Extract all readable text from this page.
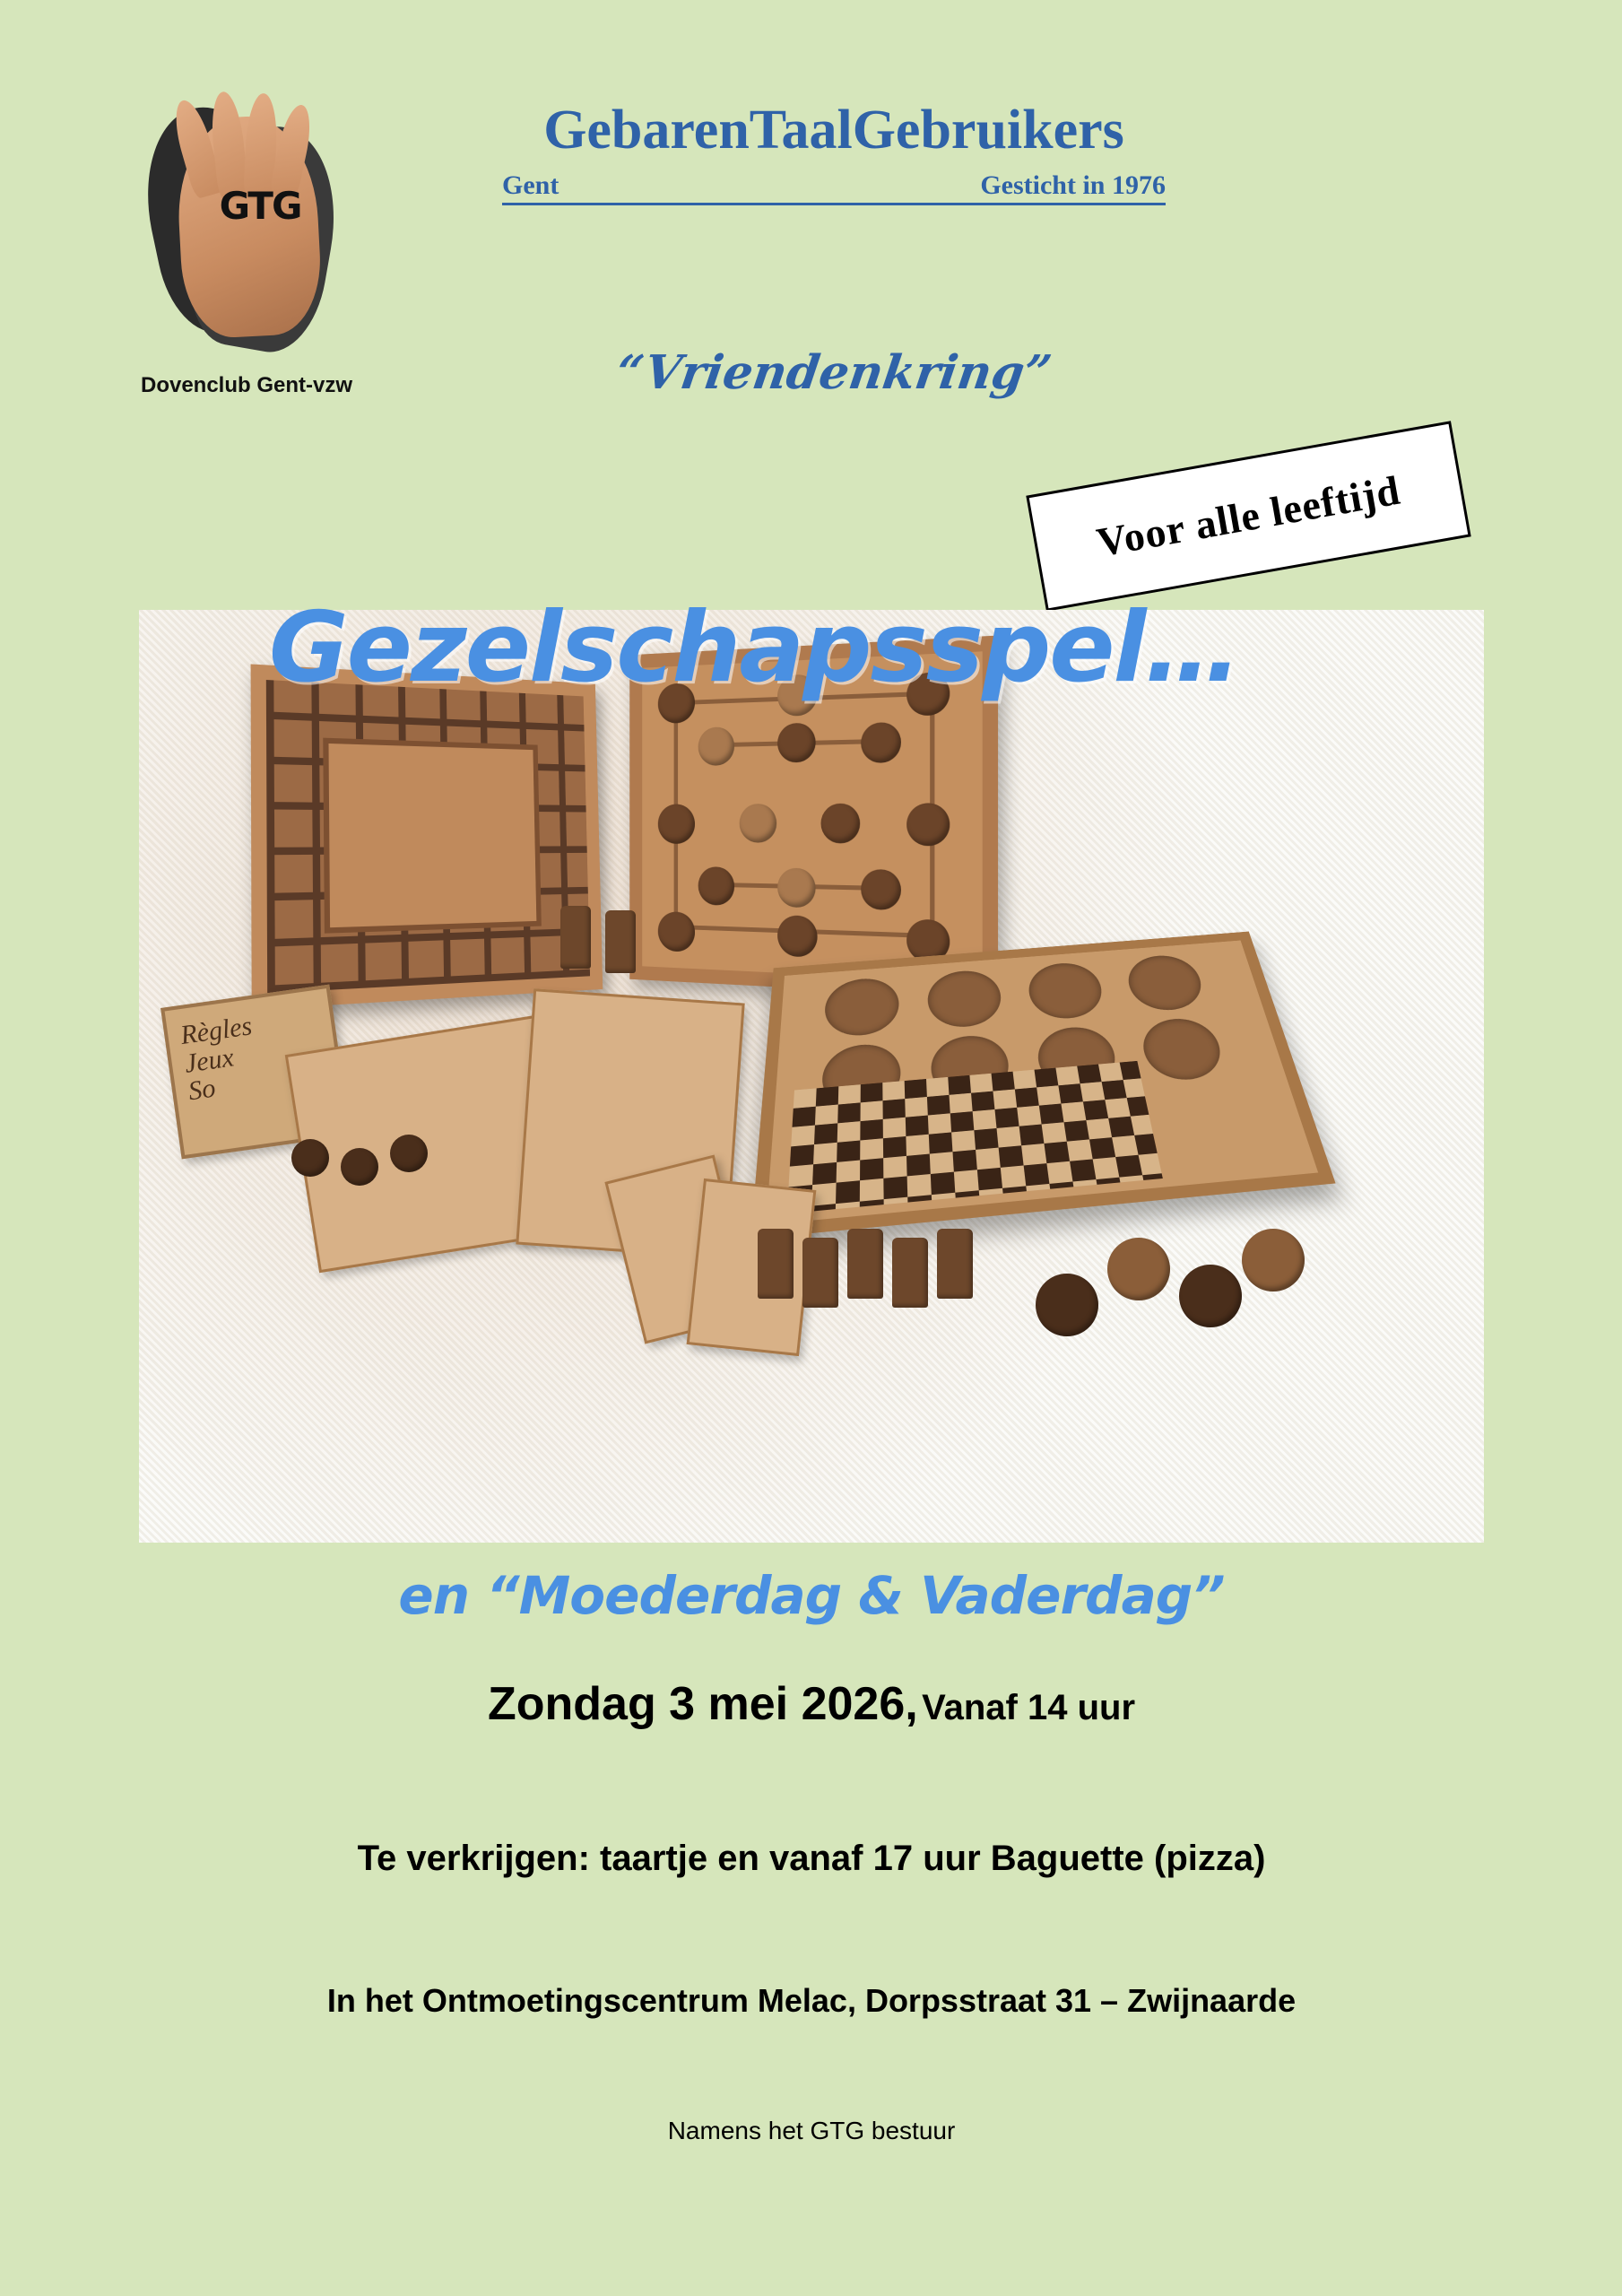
GTG
Dovenclub Gent-vzw
GebarenTaalGebruikers
Gent	Gesticht in 1976
“Vriendenkring”
Voor alle leeftijd
Règles
Jeux
So
Gezelschapsspel…
en “Moederdag & Vaderdag”
Zondag 3 mei 2026, Vanaf 14 uur
Te verkrijgen: taartje en vanaf 17 uur Baguette (pizza)
In het Ontmoetingscentrum Melac, Dorpsstraat 31 – Zwijnaarde
Namens het GTG bestuur
